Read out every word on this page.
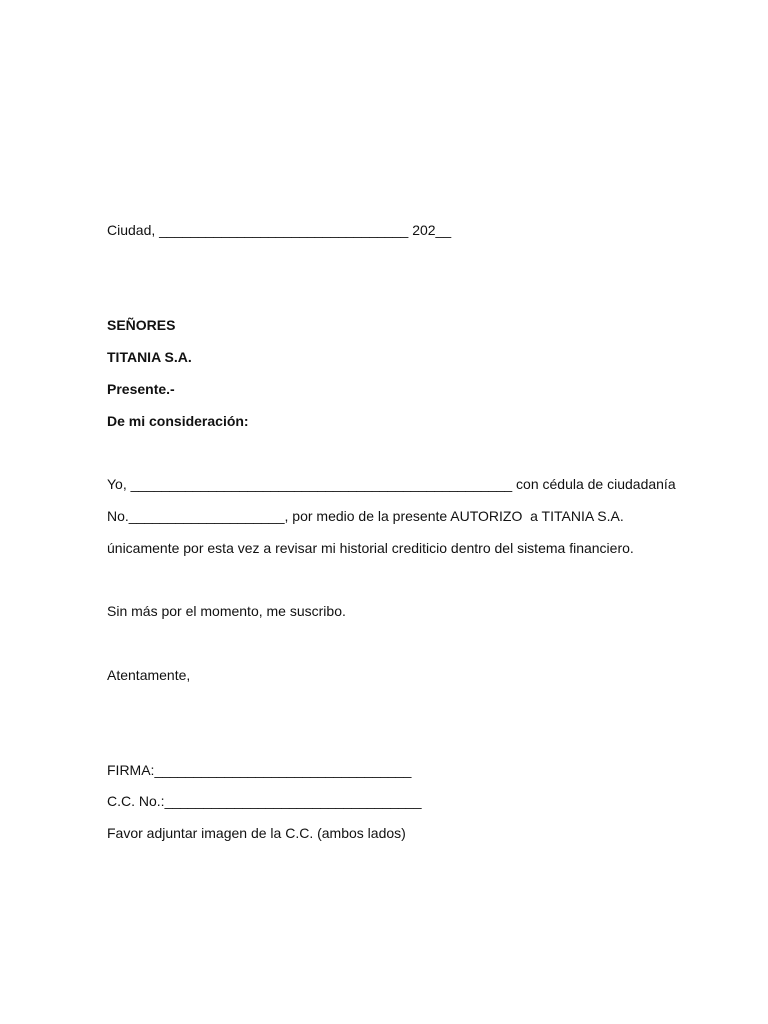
Ciudad, ________________________________ 202__
SEÑORES
TITANIA S.A.
Presente.-
De mi consideración:
Yo, _________________________________________________ con cédula de ciudadanía
No.____________________, por medio de la presente AUTORIZO  a TITANIA S.A.
únicamente por esta vez a revisar mi historial crediticio dentro del sistema financiero.
Sin más por el momento, me suscribo.
Atentamente,
FIRMA:_________________________________
C.C. No.:_________________________________
Favor adjuntar imagen de la C.C. (ambos lados)
